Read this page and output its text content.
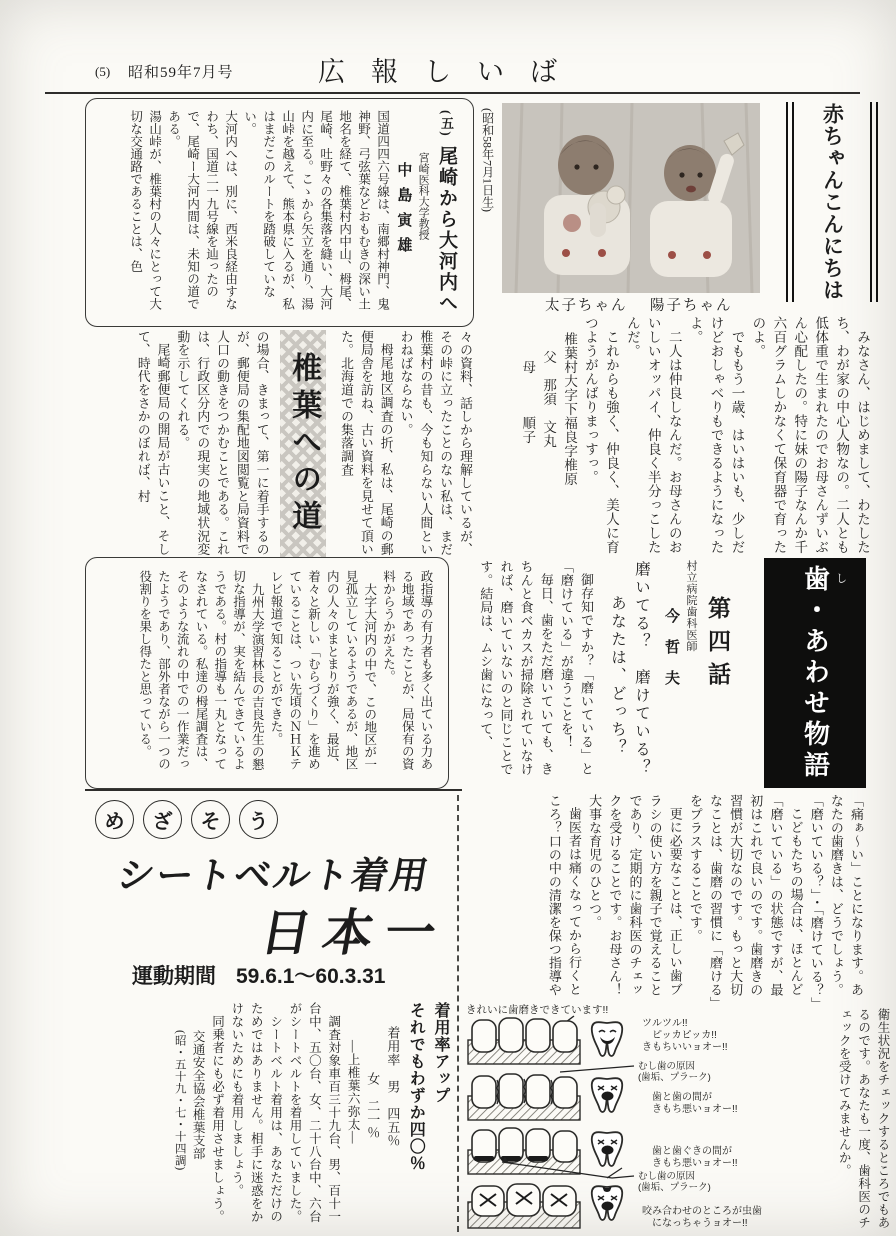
(5) 昭和59年7月号	広報しいば
(五)尾崎から大河内へ

宮崎医科大学教授

中島寅雄

国道四四六号線は、南郷村神門、鬼神野、弓弦葉などおもむきの深い土地名を経て、椎葉村内中山、栂尾、尾崎、吐野々の各集落を縫い、大河内に至る。こゝから矢立を通り、湯山峠を越えて、熊本県に入るが、私はまだこのルートを踏破していない。

大河内へは、別に、西米良経由すなわち、国道二一九号線を辿ったので、尾崎ー大河内間は、未知の道である。

湯山峠が、椎葉村の人々にとって大切な交通路であることは、色	(昭和58年7月1日生)
太子ちゃん 陽子ちゃん
赤ちゃんこんにちは

みなさん、はじめまして、わたしたち、わが家の中心人物なの。二人とも低体重で生まれたのでお母さんずいぶん心配したの。特に妹の陽子なんか千六百グラムしかなくて保育器で育ったのよ。

でももう一歳、はいはいも、少しだけどおしゃべりもできるようになったよ。

二人は仲良しなんだ。お母さんのおいしいオッパイ、仲良く半分っこしたんだ。

これからも強く、仲良く、美人に育つようがんばりまっすっ。

椎葉村大字下福良字椎原

父　那須　文丸

母　　　順子

々の資料、話しから理解しているが、その峠に立ったことのない私は、まだ椎葉村の昔も、今も知らない人間といわねばならない。

栂尾地区調査の折、私は、尾崎の郵便局舎を訪ね、古い資料を見せて頂いた。北海道での集落調査

椎葉への道

の場合、きまって、第一に着手するのが、郵便局の集配地図閲覧と局資料で人口の動きをつかむことである。これは、行政区分内での現実の地域状況変動を示してくれる。

尾崎郵便局の開局が古いこと、そして、時代をさかのぼれば、村

政指導の有力者も多く出ている力ある地域であったことが、局保有の資料からうかがえた。

大字大河内の中で、この地区が一見孤立しているようであるが、地区内の人々のまとまりが強く、最近、着々と新しい「むらづくり」を進めていることは、つい先頃のＮＨＫテレビ報道で知ることができた。

九州大学演習林長の吉良先生の懇切な指導が、実を結んできているようである。村の指導も一丸となってなされている。私達の栂尾調査は、そのような流れの中での一作業だったようであり、部外者ながら一つの役割りを果し得たと思っている。	御存知ですか？「磨いている」と「磨けている」が違うことを！

毎日、歯をただ磨いていても、きちんと食べカスが掃除されていなければ、磨いていないのと同じことです。結局は、ムシ歯になって、	磨いてる？　磨けている？

あなたは、どっち？	村立病院歯科医師

今哲夫 第四話	歯・あわせ物語 し

「痛ぁ〜い」ことになります。あなたの歯磨きは、どうでしょう。「磨いている？」・「磨けている？」

こどもたちの場合は、ほとんど「磨いている」の状態ですが、最初はこれで良いのです。歯磨きの習慣が大切なのです。もっと大切なことは、歯磨の習慣に「磨ける」をプラスすることです。

更に必要なことは、正しい歯ブラシの使い方を親子で覚えることであり、定期的に歯科医のチェックを受けることです。お母さん！大事な育児のひとつ。

歯医者は痛くなってから行くところ？口の中の清潔を保つ指導や

衛生状況をチェックするところでもあるのです。あなたも一度、歯科医のチェックを受けてみませんか。

きれいに歯磨きできています!!
ツルツル!!
ピッカピッカ!!
きもちいいョオー!!
むし歯の原因
(歯垢、プラーク)
歯と歯の間が
きもち悪いョオー!!
歯と歯ぐきの間が
きもち悪いョオー!!
むし歯の原因
(歯垢、プラーク)
咬み合わせのところが虫歯
になっちゃうョオー!!
め	ざ	そ	う
シートベルト着用
日本一
運動期間 59.6.1〜60.3.31

着用率アップ

それでもわずか四〇％

着用率　男　四五％

女　二一％

―上椎葉六弥太―

調査対象車百三十九台、男、百十一台中、五〇台、女、二十八台中、六台がシートベルトを着用していました。

シートベルト着用は、あなただけのためではありません。相手に迷惑をかけないためにも着用しましょう。

同乗者にも必ず着用させましょう。

交通安全協会椎葉支部

(昭・五十九・七・十四調)
